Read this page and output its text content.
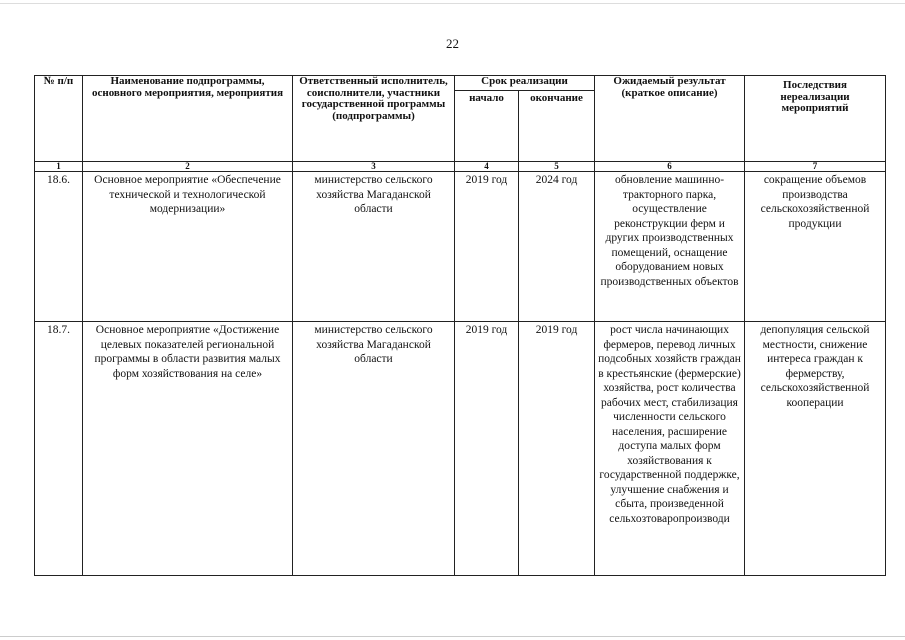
22
№ п/п	Наименование подпрограммы, основного мероприятия, мероприятия	Ответственный исполнитель, соисполнители, участники государственной программы (подпрограммы)	Срок реализации		Ожидаемый результат (краткое описание)	Последствия нереализации мероприятий
			начало	окончание		
1	2	3	4	5	6	7
18.6.	Основное мероприятие «Обеспечение технической и технологической модернизации»	министерство сельского хозяйства Магаданской области	2019 год	2024 год	обновление машинно-тракторного парка, осуществление реконструкции ферм и других производственных помещений, оснащение оборудованием новых производственных объектов	сокращение объемов производства сельскохозяйственной продукции
18.7.	Основное мероприятие «Достижение целевых показателей региональной программы в области развития малых форм хозяйствования на селе»	министерство сельского хозяйства Магаданской области	2019 год	2019 год	рост числа начинающих фермеров, перевод личных подсобных хозяйств граждан в крестьянские (фермерские) хозяйства, рост количества рабочих мест, стабилизация численности сельского населения, расширение доступа малых форм хозяйствования к государственной поддержке, улучшение снабжения и сбыта, произведенной сельхозтоваропроизводи	депопуляция сельской местности, снижение интереса граждан к фермерству, сельскохозяйственной кооперации
